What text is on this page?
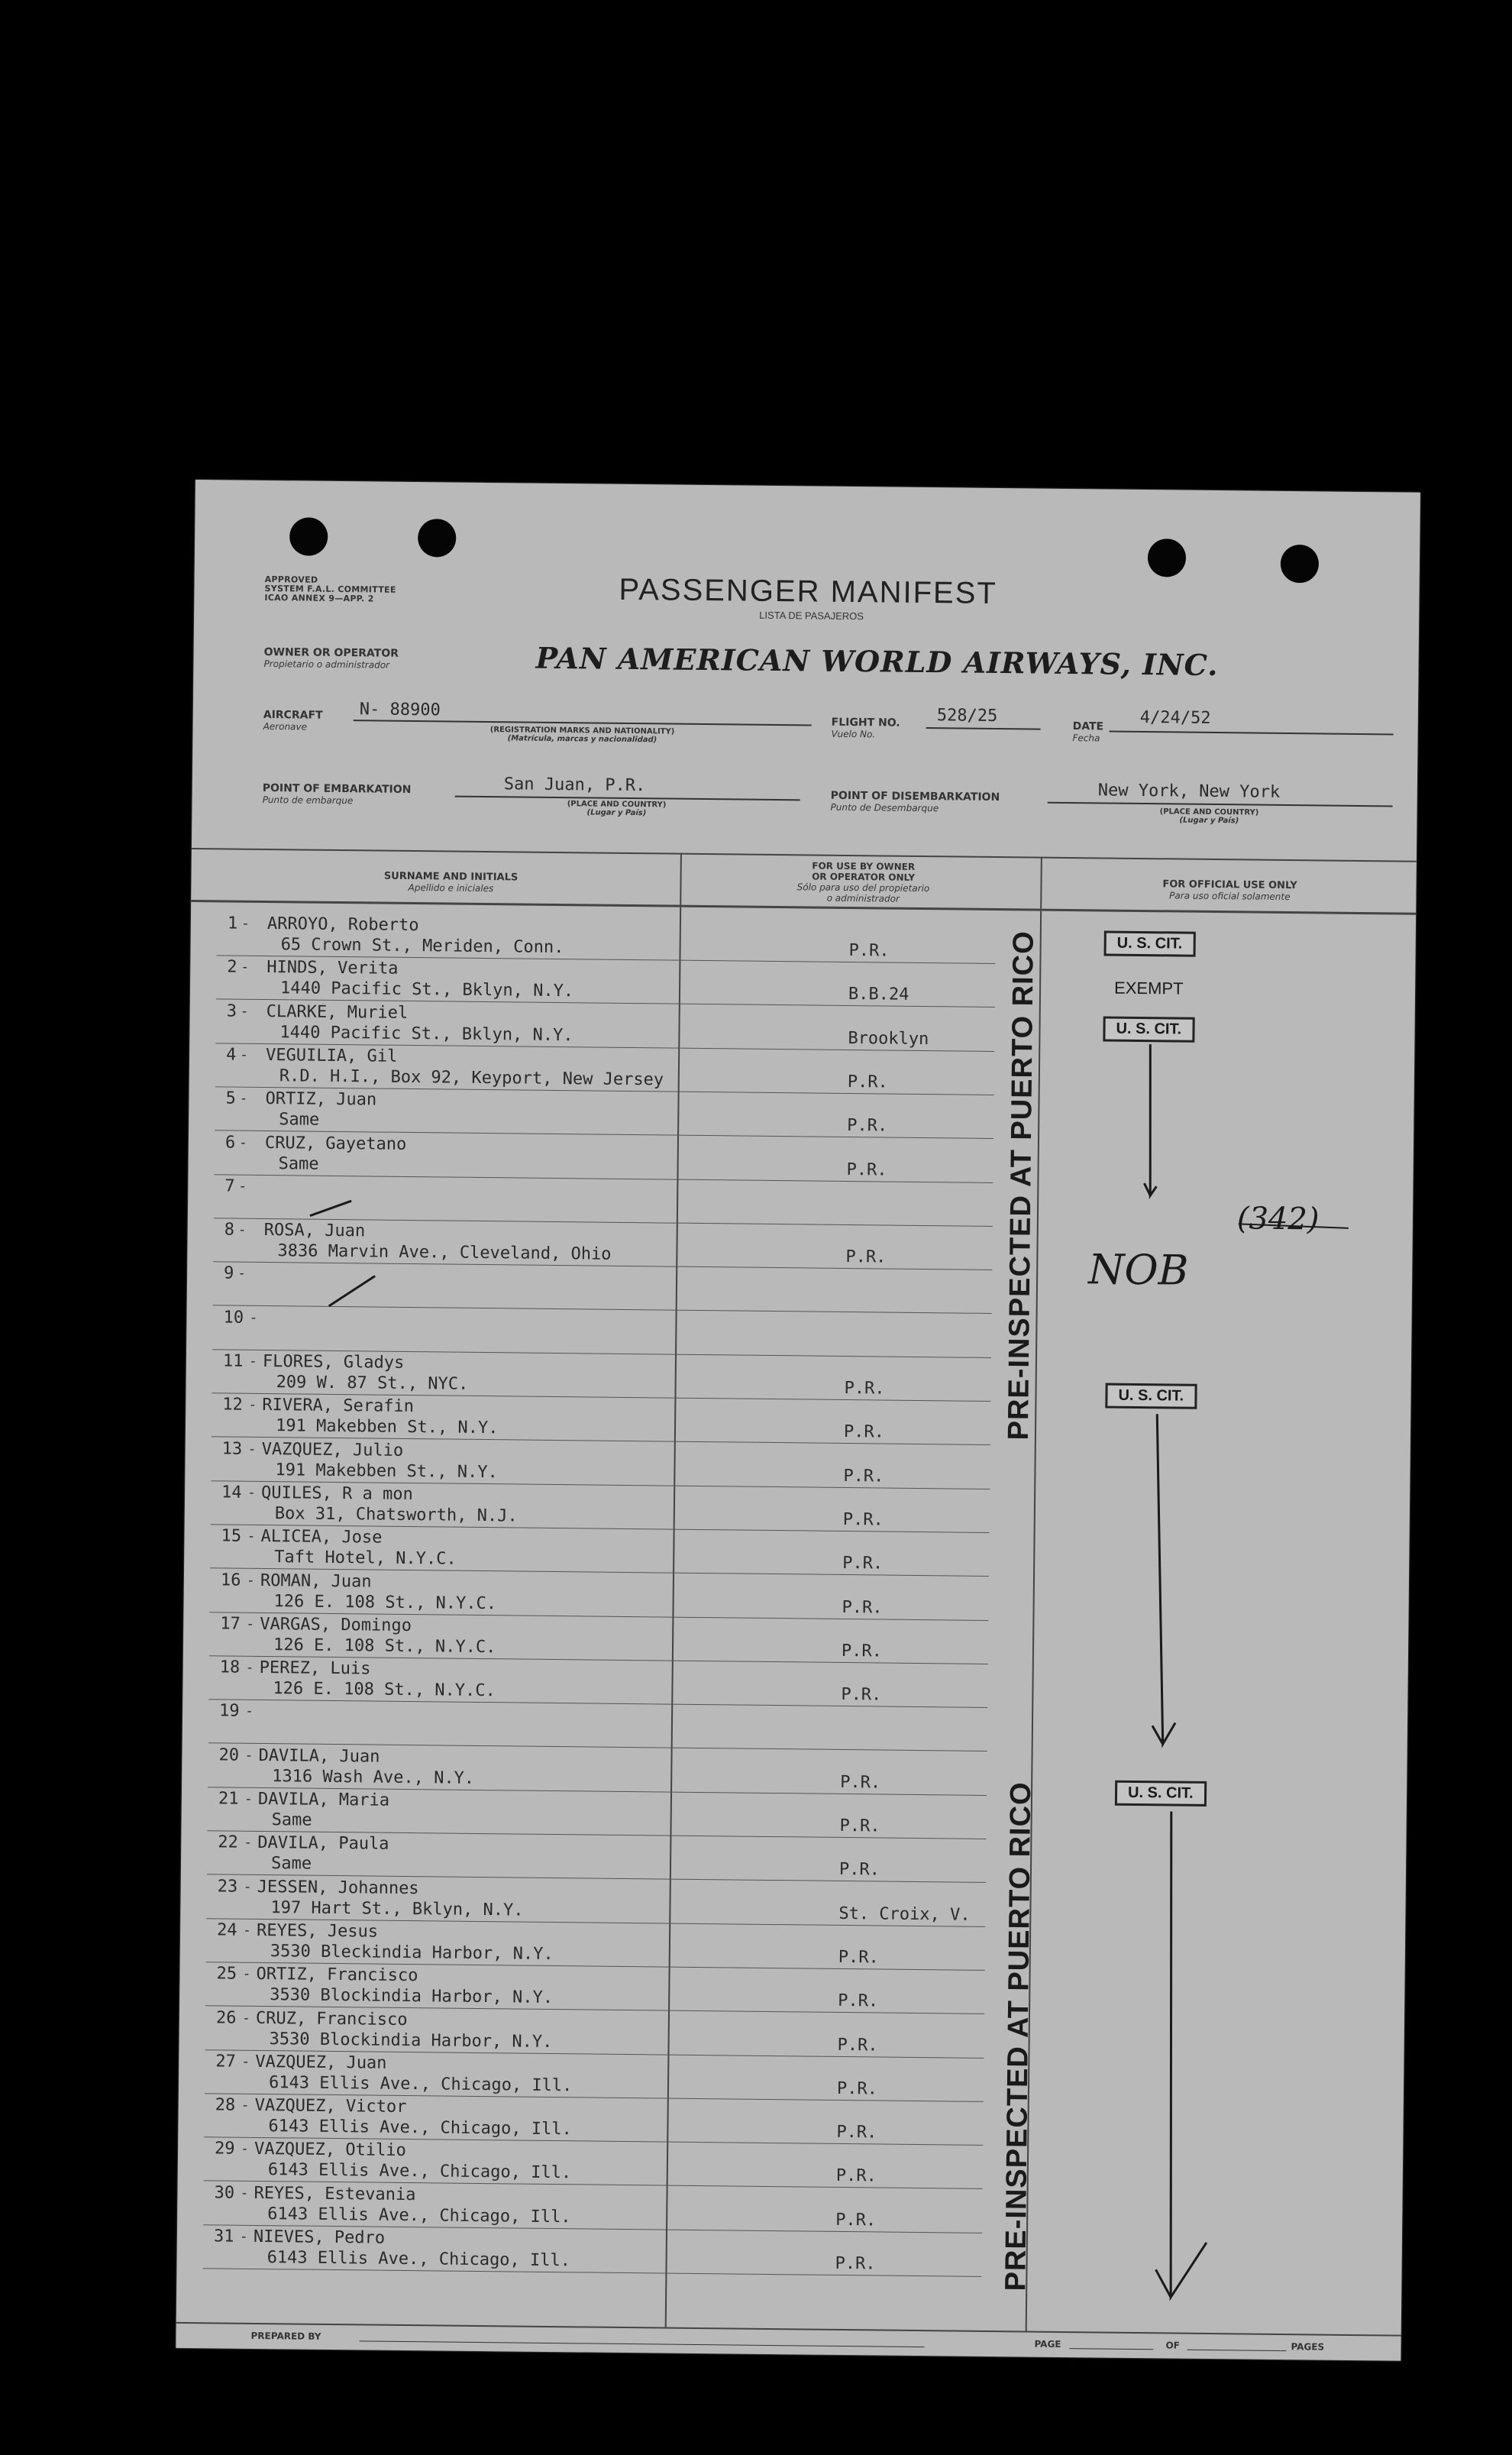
APPROVED
SYSTEM F.A.L. COMMITTEE
ICAO ANNEX 9—APP. 2	PASSENGER MANIFEST
LISTA DE PASAJEROS
OWNER OR OPERATOR
Propietario o administrador	PAN AMERICAN WORLD AIRWAYS, INC.
AIRCRAFT
Aeronave
N- 88900
(REGISTRATION MARKS AND NATIONALITY)
(Matrícula, marcas y nacionalidad)
FLIGHT NO.
Vuelo No.
528/25
DATE
Fecha
4/24/52
POINT OF EMBARKATION
Punto de embarque
San Juan, P.R.
(PLACE AND COUNTRY)
(Lugar y País)
POINT OF DISEMBARKATION
Punto de Desembarque
New York, New York
(PLACE AND COUNTRY)
(Lugar y País)
SURNAME AND INITIALS
Apellido e iniciales
FOR USE BY OWNER
OR OPERATOR ONLY
Sólo para uso del propietario
o administrador
FOR OFFICIAL USE ONLY
Para uso oficial solamente
1 - ARROYO, Roberto
65 Crown St., Meriden, Conn.	P.R.
2 - HINDS, Verita
1440 Pacific St., Bklyn, N.Y.	B.B.24
3 - CLARKE, Muriel
1440 Pacific St., Bklyn, N.Y.	Brooklyn
4 - VEGUILIA, Gil
R.D. H.I., Box 92, Keyport, New Jersey	P.R.
5 - ORTIZ, Juan
Same	P.R.
6 - CRUZ, Gayetano
Same	P.R.
7 -
8 - ROSA, Juan
3836 Marvin Ave., Cleveland, Ohio	P.R.
9 -
10 -
11 - FLORES, Gladys
209 W. 87 St., NYC.	P.R.
12 - RIVERA, Serafin
191 Makebben St., N.Y.	P.R.
13 - VAZQUEZ, Julio
191 Makebben St., N.Y.	P.R.
14 - QUILES, R a mon
Box 31, Chatsworth, N.J.	P.R.
15 - ALICEA, Jose
Taft Hotel, N.Y.C.	P.R.
16 - ROMAN, Juan
126 E. 108 St., N.Y.C.	P.R.
17 - VARGAS, Domingo
126 E. 108 St., N.Y.C.	P.R.
18 - PEREZ, Luis
126 E. 108 St., N.Y.C.	P.R.
19 -
20 - DAVILA, Juan
1316 Wash Ave., N.Y.	P.R.
21 - DAVILA, Maria
Same	P.R.
22 - DAVILA, Paula
Same	P.R.
23 - JESSEN, Johannes
197 Hart St., Bklyn, N.Y.	St. Croix, V.
24 - REYES, Jesus
3530 Bleckindia Harbor, N.Y.	P.R.
25 - ORTIZ, Francisco
3530 Blockindia Harbor, N.Y.	P.R.
26 - CRUZ, Francisco
3530 Blockindia Harbor, N.Y.	P.R.
27 - VAZQUEZ, Juan
6143 Ellis Ave., Chicago, Ill.	P.R.
28 - VAZQUEZ, Victor
6143 Ellis Ave., Chicago, Ill.	P.R.
29 - VAZQUEZ, Otilio
6143 Ellis Ave., Chicago, Ill.	P.R.
30 - REYES, Estevania
6143 Ellis Ave., Chicago, Ill.	P.R.
31 - NIEVES, Pedro
6143 Ellis Ave., Chicago, Ill.	P.R.
PRE-INSPECTED AT PUERTO RICO
PRE-INSPECTED AT PUERTO RICO
U. S. CIT.
EXEMPT
U. S. CIT.
(342)
NOB
U. S. CIT.
U. S. CIT.
PREPARED BY
PAGE	OF	PAGES
